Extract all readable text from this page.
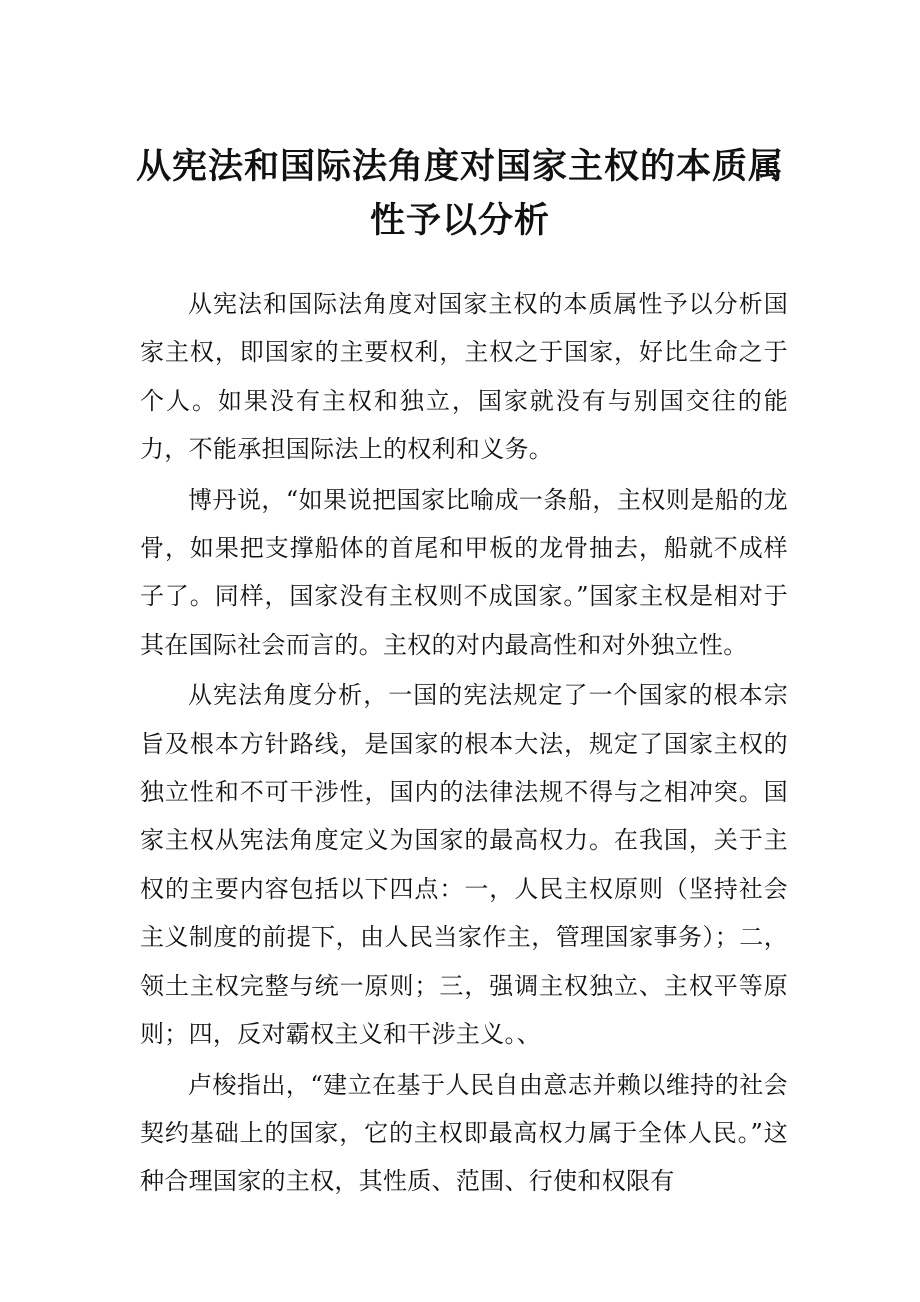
从宪法和国际法角度对国家主权的本质属
性予以分析

从宪法和国际法角度对国家主权的本质属性予以分析国家主权，即国家的主要权利，主权之于国家，好比生命之于个人。如果没有主权和独立，国家就没有与别国交往的能力，不能承担国际法上的权利和义务。

博丹说，“如果说把国家比喻成一条船，主权则是船的龙骨，如果把支撑船体的首尾和甲板的龙骨抽去，船就不成样子了。同样，国家没有主权则不成国家。”国家主权是相对于其在国际社会而言的。主权的对内最高性和对外独立性。

从宪法角度分析，一国的宪法规定了一个国家的根本宗旨及根本方针路线，是国家的根本大法，规定了国家主权的独立性和不可干涉性，国内的法律法规不得与之相冲突。国家主权从宪法角度定义为国家的最高权力。在我国，关于主权的主要内容包括以下四点：一，人民主权原则（坚持社会主义制度的前提下，由人民当家作主，管理国家事务）；二，领土主权完整与统一原则；三，强调主权独立、主权平等原则；四，反对霸权主义和干涉主义。、

卢梭指出，“建立在基于人民自由意志并赖以维持的社会契约基础上的国家，它的主权即最高权力属于全体人民。”这种合理国家的主权，其性质、范围、行使和权限有
